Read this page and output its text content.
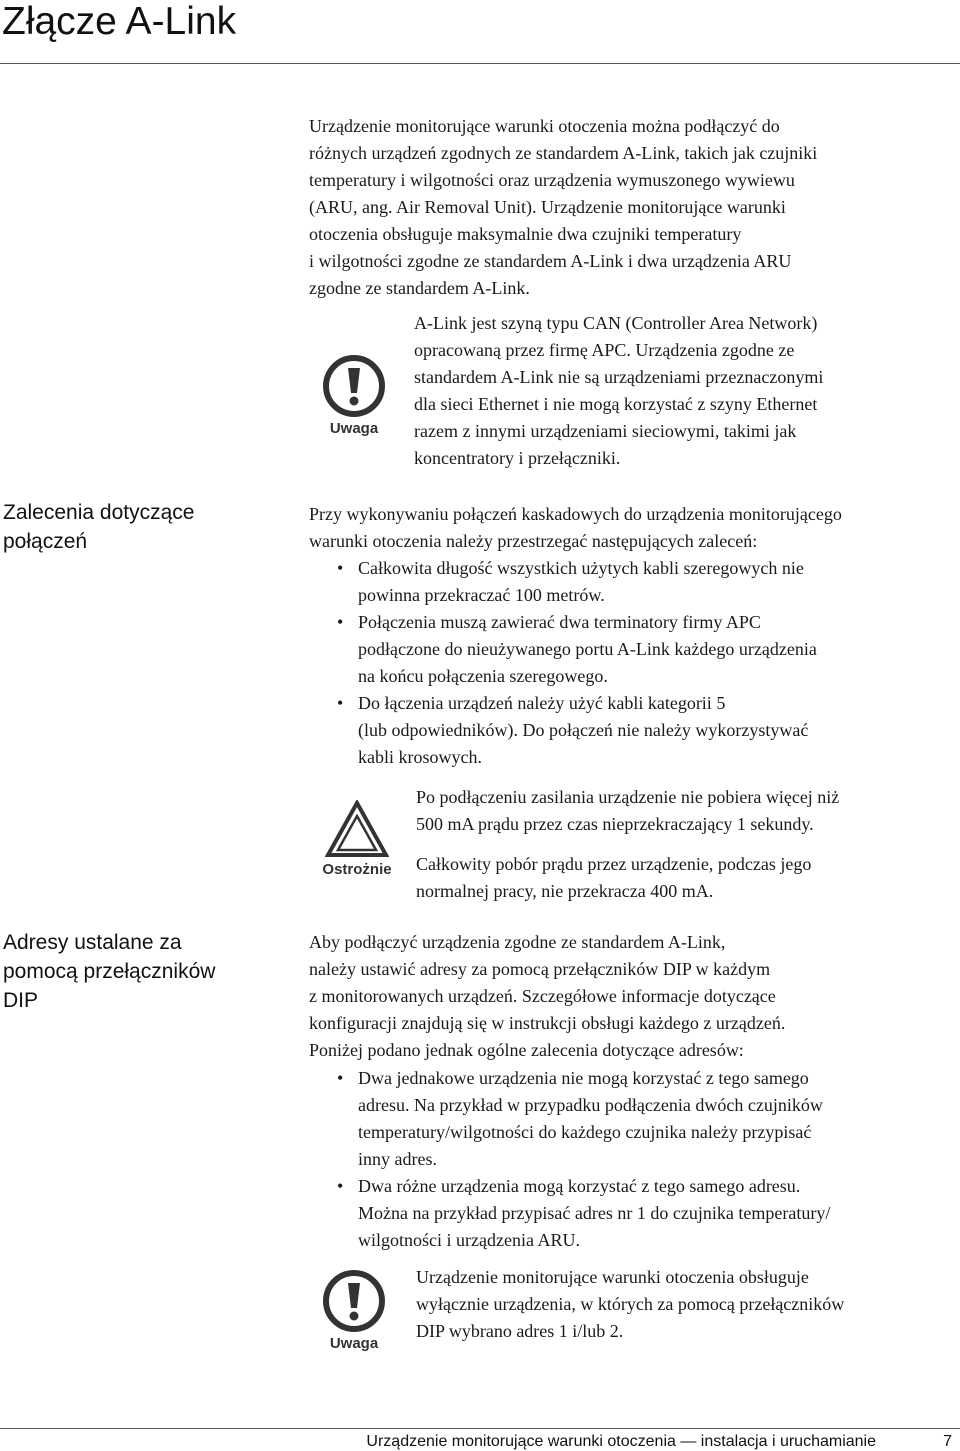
Złącze A-Link

Urządzenie monitorujące warunki otoczenia można podłączyć do
różnych urządzeń zgodnych ze standardem A-Link, takich jak czujniki
temperatury i wilgotności oraz urządzenia wymuszonego wywiewu
(ARU, ang. Air Removal Unit). Urządzenie monitorujące warunki
otoczenia obsługuje maksymalnie dwa czujniki temperatury
i wilgotności zgodne ze standardem A-Link i dwa urządzenia ARU
zgodne ze standardem A-Link.

Uwaga

A-Link jest szyną typu CAN (Controller Area Network)
opracowaną przez firmę APC. Urządzenia zgodne ze
standardem A-Link nie są urządzeniami przeznaczonymi
dla sieci Ethernet i nie mogą korzystać z szyny Ethernet
razem z innymi urządzeniami sieciowymi, takimi jak
koncentratory i przełączniki.

Zalecenia dotyczące
połączeń

Przy wykonywaniu połączeń kaskadowych do urządzenia monitorującego
warunki otoczenia należy przestrzegać następujących zaleceń:

• Całkowita długość wszystkich użytych kabli szeregowych nie
powinna przekraczać 100 metrów.
• Połączenia muszą zawierać dwa terminatory firmy APC
podłączone do nieużywanego portu A-Link każdego urządzenia
na końcu połączenia szeregowego.
• Do łączenia urządzeń należy użyć kabli kategorii 5
(lub odpowiedników). Do połączeń nie należy wykorzystywać
kabli krosowych.
Ostrożnie

Po podłączeniu zasilania urządzenie nie pobiera więcej niż
500 mA prądu przez czas nieprzekraczający 1 sekundy.

Całkowity pobór prądu przez urządzenie, podczas jego
normalnej pracy, nie przekracza 400 mA.

Adresy ustalane za
pomocą przełączników
DIP

Aby podłączyć urządzenia zgodne ze standardem A-Link,
należy ustawić adresy za pomocą przełączników DIP w każdym
z monitorowanych urządzeń. Szczegółowe informacje dotyczące
konfiguracji znajdują się w instrukcji obsługi każdego z urządzeń.
Poniżej podano jednak ogólne zalecenia dotyczące adresów:

• Dwa jednakowe urządzenia nie mogą korzystać z tego samego
adresu. Na przykład w przypadku podłączenia dwóch czujników
temperatury/wilgotności do każdego czujnika należy przypisać
inny adres.
• Dwa różne urządzenia mogą korzystać z tego samego adresu.
Można na przykład przypisać adres nr 1 do czujnika temperatury/
wilgotności i urządzenia ARU.
Uwaga

Urządzenie monitorujące warunki otoczenia obsługuje
wyłącznie urządzenia, w których za pomocą przełączników
DIP wybrano adres 1 i/lub 2.

Urządzenie monitorujące warunki otoczenia — instalacja i uruchamianie	7
